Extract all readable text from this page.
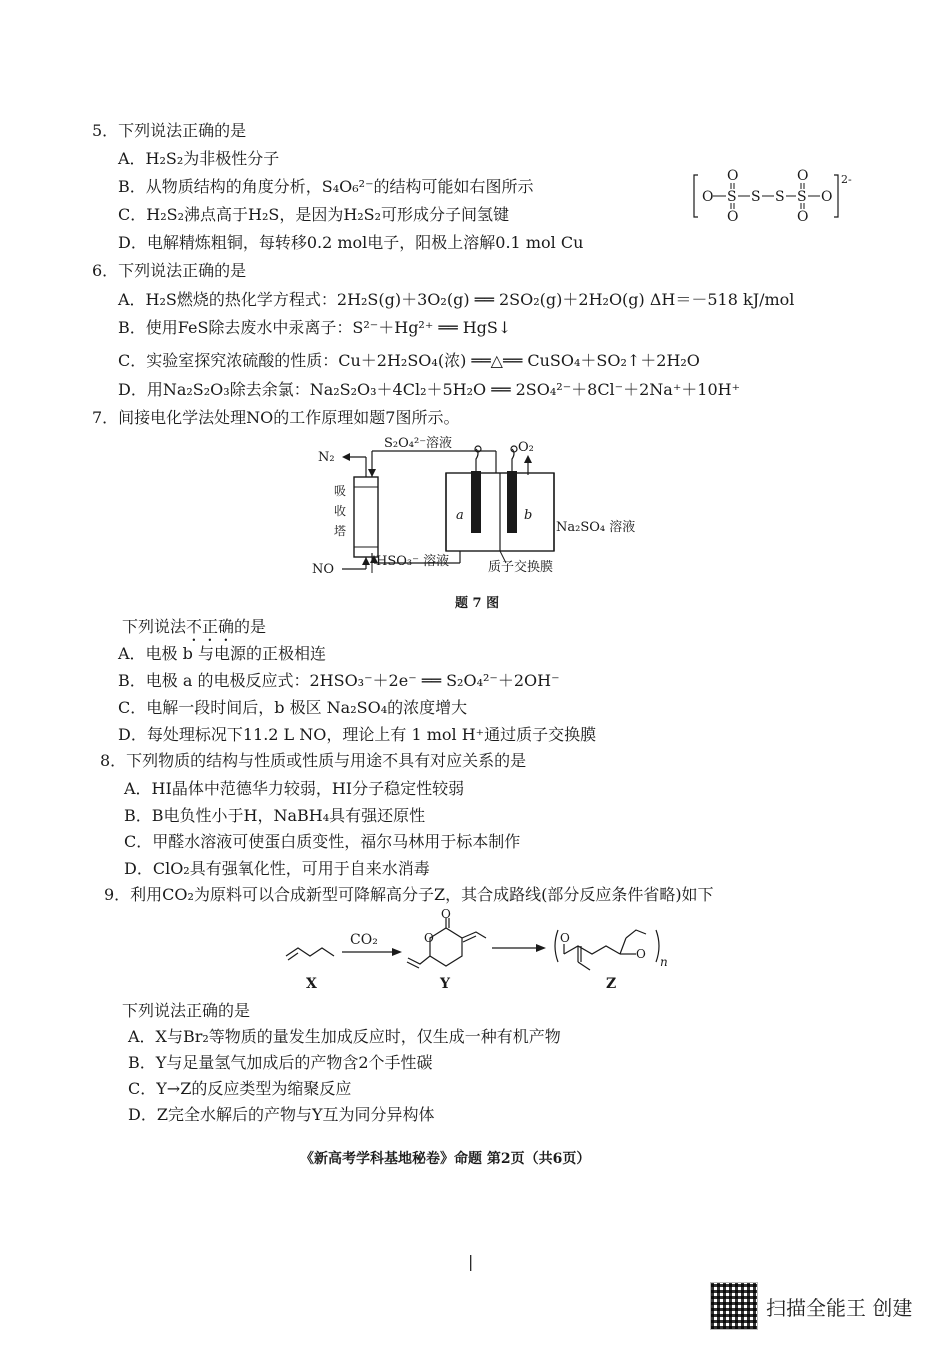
5．下列说法正确的是
A．H₂S₂为非极性分子
B．从物质结构的角度分析，S₄O₆²⁻的结构可能如右图所示
C．H₂S₂沸点高于H₂S，是因为H₂S₂可形成分子间氢键
D．电解精炼粗铜，每转移0.2 mol电子，阳极上溶解0.1 mol Cu
O S
O
O
S S S
O
O
O
2-
6．下列说法正确的是
A．H₂S燃烧的热化学方程式：2H₂S(g)＋3O₂(g) ══ 2SO₂(g)＋2H₂O(g) ΔH＝－518 kJ/mol
B．使用FeS除去废水中汞离子：S²⁻＋Hg²⁺ ══ HgS↓
C．实验室探究浓硫酸的性质：Cu＋2H₂SO₄(浓) ══△══ CuSO₄＋SO₂↑＋2H₂O
D．用Na₂S₂O₃除去余氯：Na₂S₂O₃＋4Cl₂＋5H₂O ══ 2SO₄²⁻＋8Cl⁻＋2Na⁺＋10H⁺
7．间接电化学法处理NO的工作原理如题7图所示。
N₂
吸
收
塔
NO
S₂O₄²⁻溶液	O₂
a	b
Na₂SO₄ 溶液
HSO₃⁻ 溶液	质子交换膜
题 7 图
下列说法不正确的是
A．电极 b 与电源的正极相连
B．电极 a 的电极反应式：2HSO₃⁻＋2e⁻ ══ S₂O₄²⁻＋2OH⁻
C．电解一段时间后，b 极区 Na₂SO₄的浓度增大
D．每处理标况下11.2 L NO，理论上有 1 mol H⁺通过质子交换膜
8．下列物质的结构与性质或性质与用途不具有对应关系的是
A．HI晶体中范德华力较弱，HI分子稳定性较弱
B．B电负性小于H，NaBH₄具有强还原性
C．甲醛水溶液可使蛋白质变性，福尔马林用于标本制作
D．ClO₂具有强氧化性，可用于自来水消毒
9．利用CO₂为原料可以合成新型可降解高分子Z，其合成路线(部分反应条件省略)如下
X
CO₂	O
O
Y
O
O
n
Z
下列说法正确的是
A．X与Br₂等物质的量发生加成反应时，仅生成一种有机产物
B．Y与足量氢气加成后的产物含2个手性碳
C．Y→Z的反应类型为缩聚反应
D．Z完全水解后的产物与Y互为同分异构体
《新高考学科基地秘卷》命题 第2页（共6页）
|
扫描全能王 创建
